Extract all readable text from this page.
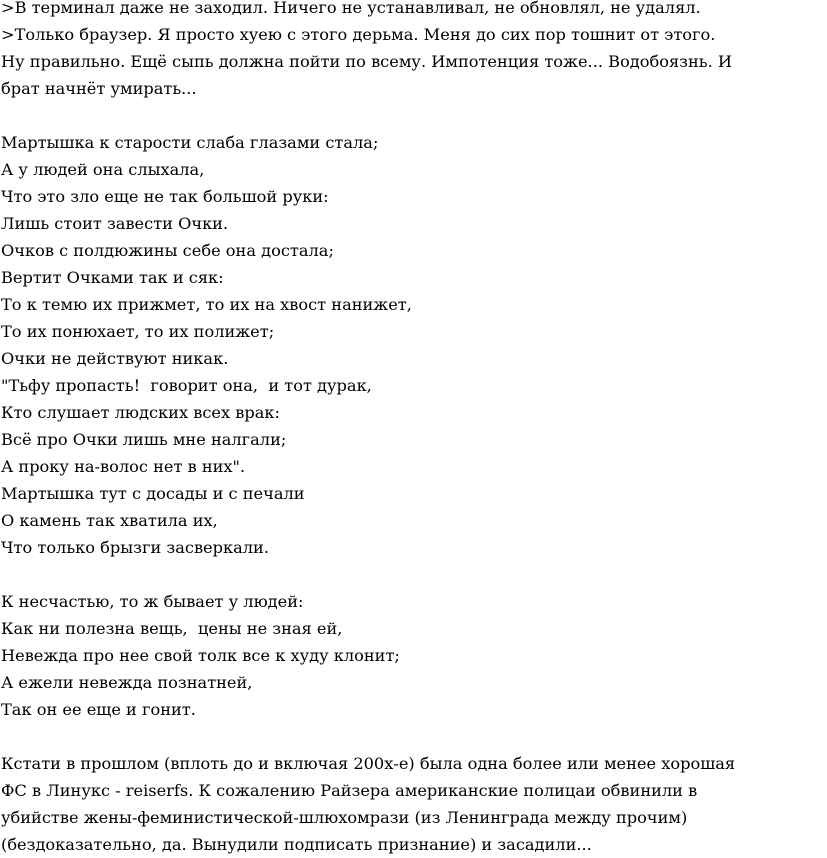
>В терминал даже не заходил. Ничего не устанавливал, не обновлял, не удалял.
>Только браузер. Я просто хуею с этого дерьма. Меня до сих пор тошнит от этого.
Ну правильно. Ещё сыпь должна пойти по всему. Импотенция тоже... Водобоязнь. И
брат начнёт умирать...
Мартышка к старости слаба глазами стала;
А у людей она слыхала,
Что это зло еще не так большой руки:
Лишь стоит завести Очки.
Очков с полдюжины себе она достала;
Вертит Очками так и сяк:
То к темю их прижмет, то их на хвост нанижет,
То их понюхает, то их полижет;
Очки не действуют никак.
"Тьфу пропасть!  говорит она,  и тот дурак,
Кто слушает людских всех врак:
Всё про Очки лишь мне налгали;
А проку на-волос нет в них".
Мартышка тут с досады и с печали
О камень так хватила их,
Что только брызги засверкали.
К несчастью, то ж бывает у людей:
Как ни полезна вещь,  цены не зная ей,
Невежда про нее свой толк все к худу клонит;
А ежели невежда познатней,
Так он ее еще и гонит.
Кстати в прошлом (вплоть до и включая 200х-е) была одна более или менее хорошая
ФС в Линукс - reiserfs. К сожалению Райзера американские полицаи обвинили в
убийстве жены-феминистической-шлюхомрази (из Ленинграда между прочим)
(бездоказательно, да. Вынудили подписать признание) и засадили...
